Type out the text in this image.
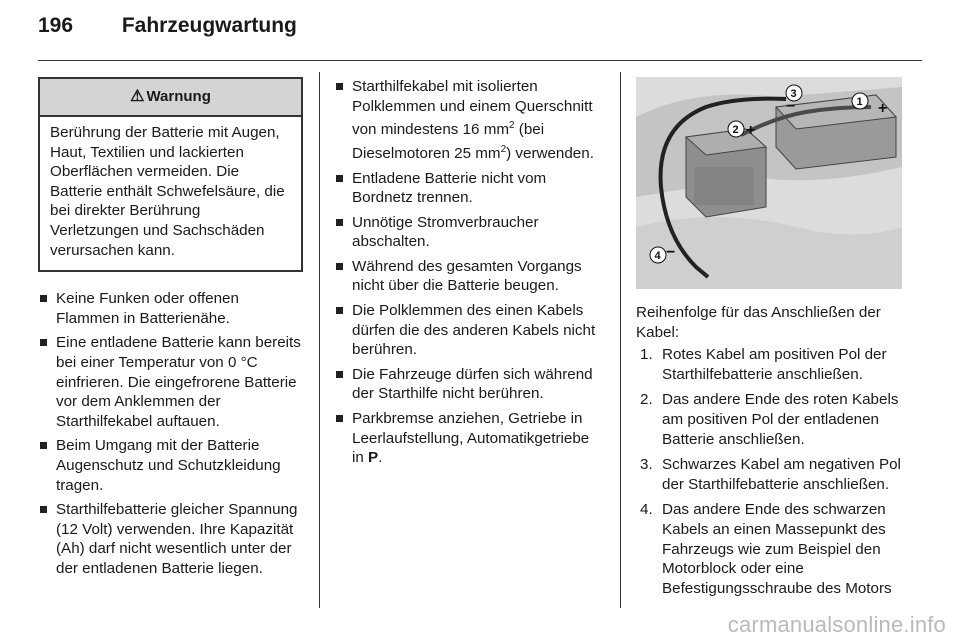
196 Fahrzeugwartung
⚠ Warnung
Berührung der Batterie mit Augen, Haut, Textilien und lackierten Oberflächen vermeiden. Die Batterie enthält Schwefelsäure, die bei direkter Berührung Verletzungen und Sachschäden verursachen kann.
Keine Funken oder offenen Flammen in Batterienähe.
Eine entladene Batterie kann bereits bei einer Temperatur von 0 °C einfrieren. Die eingefrorene Batterie vor dem Anklemmen der Starthilfekabel auftauen.
Beim Umgang mit der Batterie Augenschutz und Schutzkleidung tragen.
Starthilfebatterie gleicher Spannung (12 Volt) verwenden. Ihre Kapazität (Ah) darf nicht wesentlich unter der der entladenen Batterie liegen.
Starthilfekabel mit isolierten Polklemmen und einem Querschnitt von mindestens 16 $mm^2$ (bei Dieselmotoren 25 $mm^2$) verwenden.
Entladene Batterie nicht vom Bordnetz trennen.
Unnötige Stromverbraucher abschalten.
Während des gesamten Vorgangs nicht über die Batterie beugen.
Die Polklemmen des einen Kabels dürfen die des anderen Kabels nicht berühren.
Die Fahrzeuge dürfen sich während der Starthilfe nicht berühren.
Parkbremse anziehen, Getriebe in Leerlaufstellung, Automatikgetriebe in P.
1
2
3
4
+
+
−
−
Reihenfolge für das Anschließen der Kabel:
1. Rotes Kabel am positiven Pol der Starthilfebatterie anschließen.
2. Das andere Ende des roten Kabels am positiven Pol der entladenen Batterie anschließen.
3. Schwarzes Kabel am negativen Pol der Starthilfebatterie anschließen.
4. Das andere Ende des schwarzen Kabels an einen Massepunkt des Fahrzeugs wie zum Beispiel den Motorblock oder eine Befestigungsschraube des Motors
carmanualsonline.info
